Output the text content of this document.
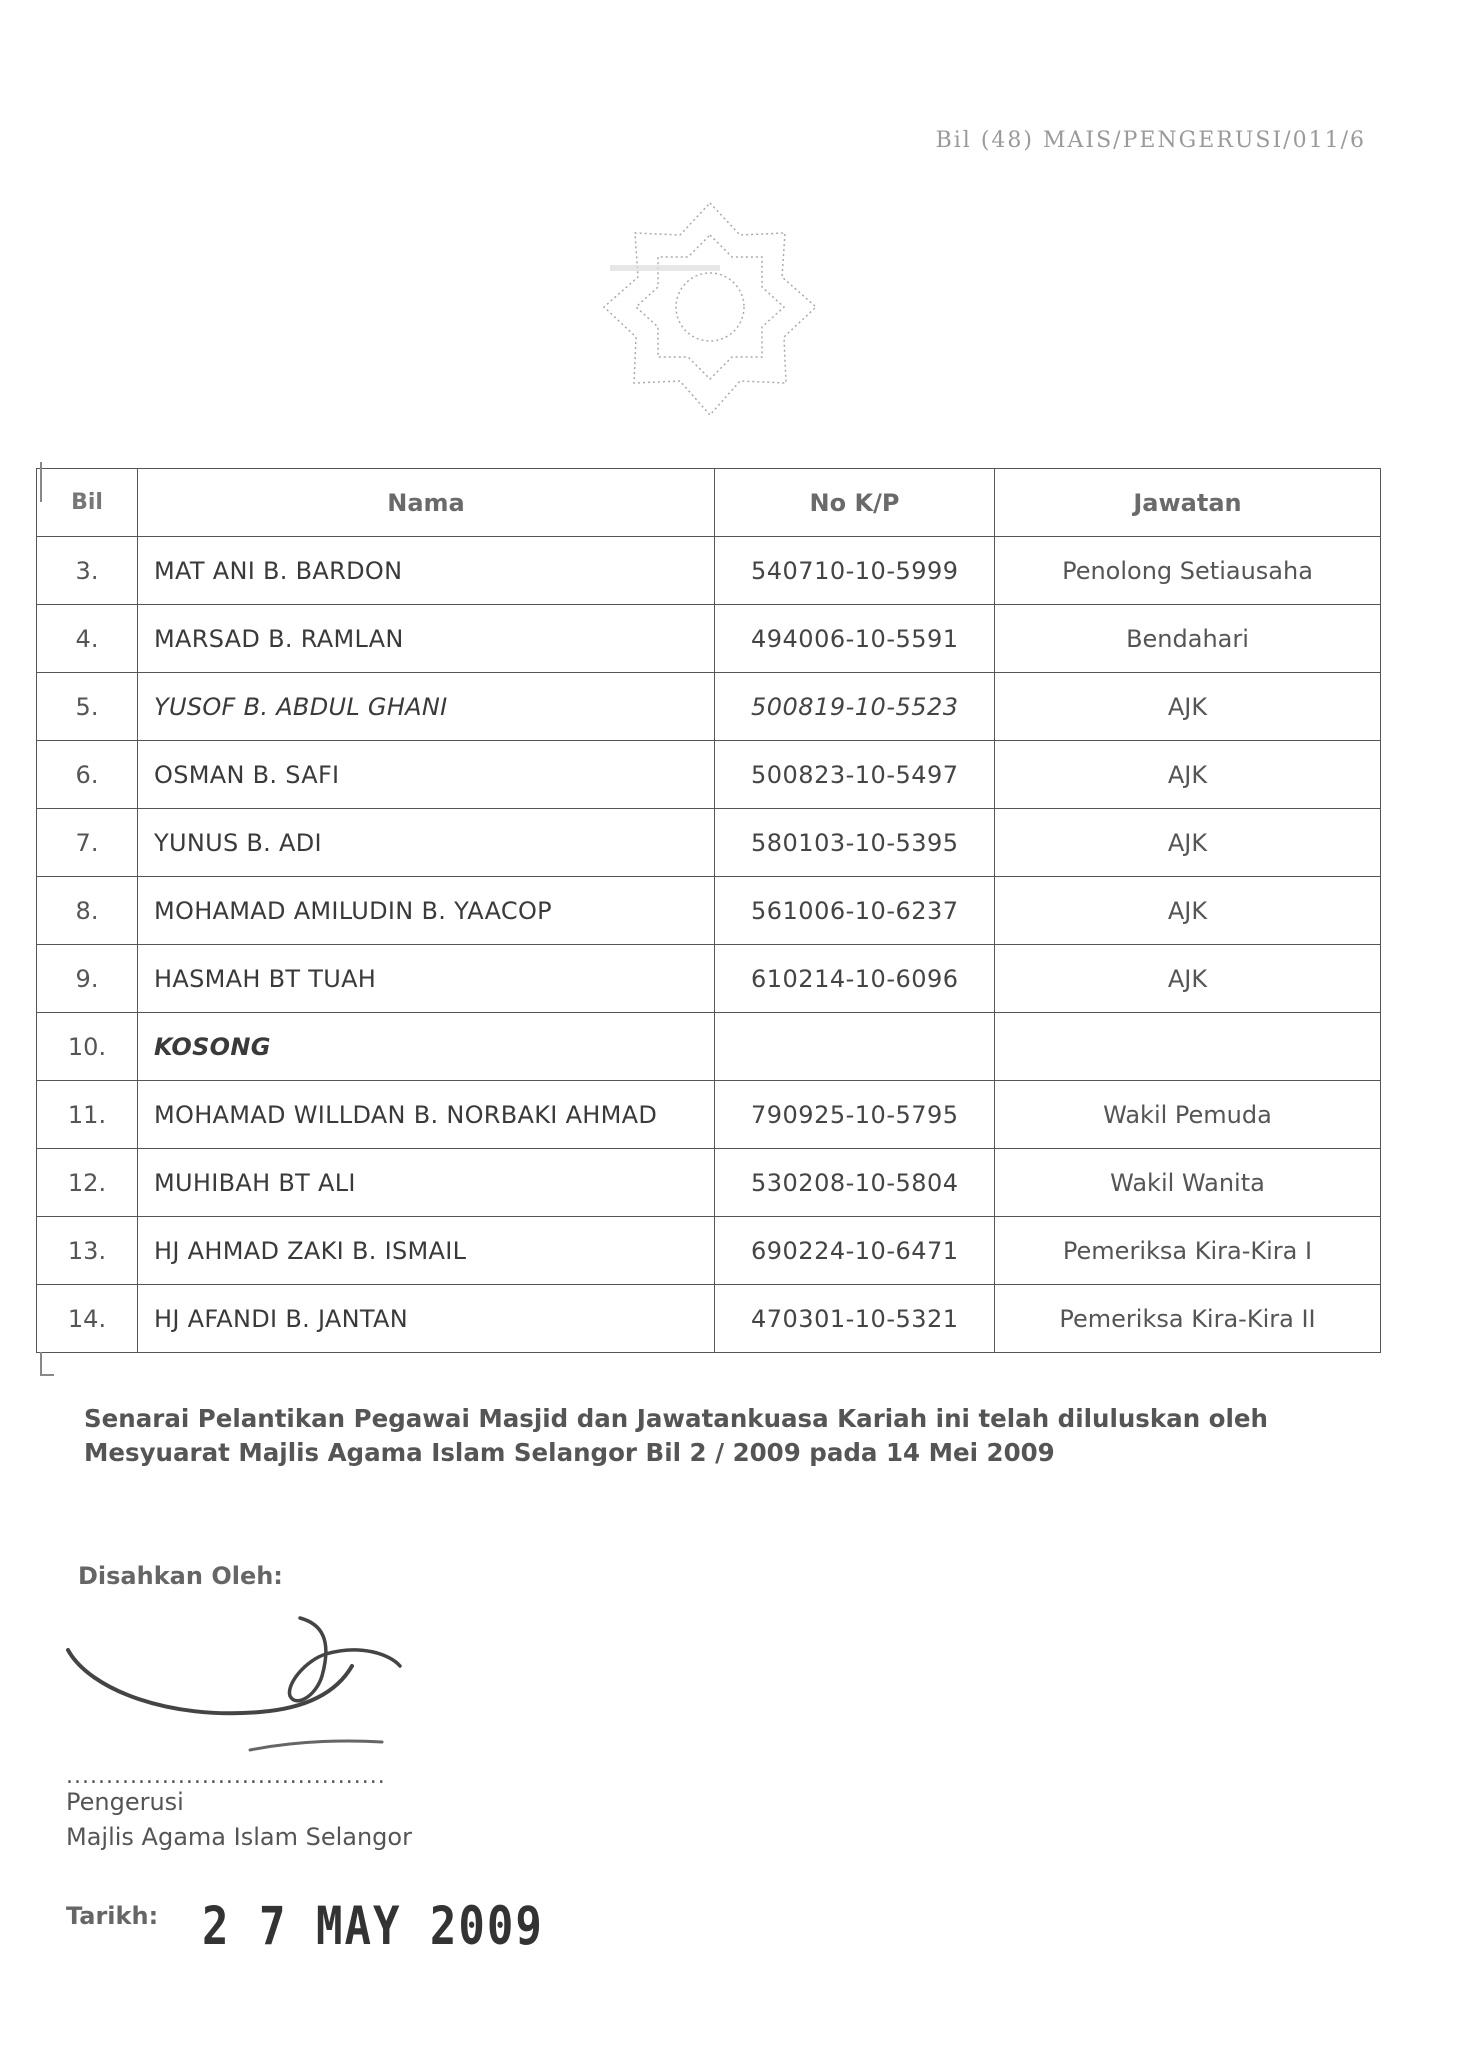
Bil (48) MAIS/PENGERUSI/011/6
Bil	Nama	No K/P	Jawatan

3.	MAT ANI B. BARDON	540710-10-5999	Penolong Setiausaha

4.	MARSAD B. RAMLAN	494006-10-5591	Bendahari

5.	YUSOF B. ABDUL GHANI	500819-10-5523	AJK

6.	OSMAN B. SAFI	500823-10-5497	AJK

7.	YUNUS B. ADI	580103-10-5395	AJK

8.	MOHAMAD AMILUDIN B. YAACOP	561006-10-6237	AJK

9.	HASMAH BT TUAH	610214-10-6096	AJK

10.	KOSONG		

11.	MOHAMAD WILLDAN B. NORBAKI AHMAD	790925-10-5795	Wakil Pemuda

12.	MUHIBAH BT ALI	530208-10-5804	Wakil Wanita

13.	HJ AHMAD ZAKI B. ISMAIL	690224-10-6471	Pemeriksa Kira-Kira I

14.	HJ AFANDI B. JANTAN	470301-10-5321	Pemeriksa Kira-Kira II
Senarai Pelantikan Pegawai Masjid dan Jawatankuasa Kariah ini telah diluluskan oleh
Mesyuarat Majlis Agama Islam Selangor Bil 2 / 2009 pada 14 Mei 2009
Disahkan Oleh:
........................................
Pengerusi
Majlis Agama Islam Selangor
Tarikh: 2 7 MAY 2009
